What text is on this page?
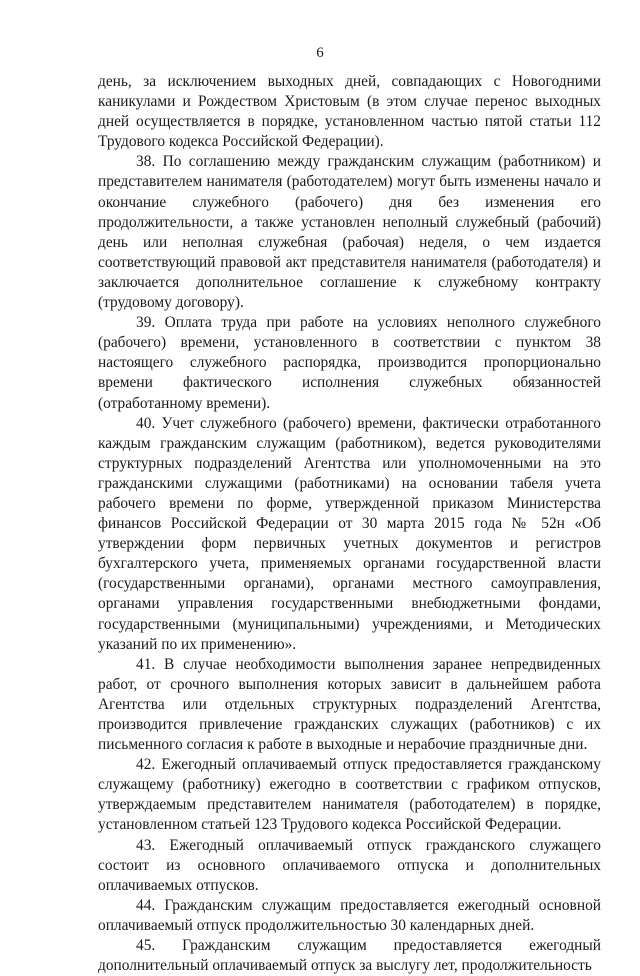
6

день, за исключением выходных дней, совпадающих с Новогодними каникулами и Рождеством Христовым (в этом случае перенос выходных дней осуществляется в порядке, установленном частью пятой статьи 112 Трудового кодекса Российской Федерации).

38. По соглашению между гражданским служащим (работником) и представителем нанимателя (работодателем) могут быть изменены начало и окончание служебного (рабочего) дня без изменения его продолжительности, а также установлен неполный служебный (рабочий) день или неполная служебная (рабочая) неделя, о чем издается соответствующий правовой акт представителя нанимателя (работодателя) и заключается дополнительное соглашение к служебному контракту (трудовому договору).

39. Оплата труда при работе на условиях неполного служебного (рабочего) времени, установленного в соответствии с пунктом 38 настоящего служебного распорядка, производится пропорционально времени фактического исполнения служебных обязанностей (отработанному времени).

40. Учет служебного (рабочего) времени, фактически отработанного каждым гражданским служащим (работником), ведется руководителями структурных подразделений Агентства или уполномоченными на это гражданскими служащими (работниками) на основании табеля учета рабочего времени по форме, утвержденной приказом Министерства финансов Российской Федерации от 30 марта 2015 года № 52н «Об утверждении форм первичных учетных документов и регистров бухгалтерского учета, применяемых органами государственной власти (государственными органами), органами местного самоуправления, органами управления государственными внебюджетными фондами, государственными (муниципальными) учреждениями, и Методических указаний по их применению».

41. В случае необходимости выполнения заранее непредвиденных работ, от срочного выполнения которых зависит в дальнейшем работа Агентства или отдельных структурных подразделений Агентства, производится привлечение гражданских служащих (работников) с их письменного согласия к работе в выходные и нерабочие праздничные дни.

42. Ежегодный оплачиваемый отпуск предоставляется гражданскому служащему (работнику) ежегодно в соответствии с графиком отпусков, утверждаемым представителем нанимателя (работодателем) в порядке, установленном статьей 123 Трудового кодекса Российской Федерации.

43. Ежегодный оплачиваемый отпуск гражданского служащего состоит из основного оплачиваемого отпуска и дополнительных оплачиваемых отпусков.

44. Гражданским служащим предоставляется ежегодный основной оплачиваемый отпуск продолжительностью 30 календарных дней.

45. Гражданским служащим предоставляется ежегодный дополнительный оплачиваемый отпуск за выслугу лет, продолжительность
